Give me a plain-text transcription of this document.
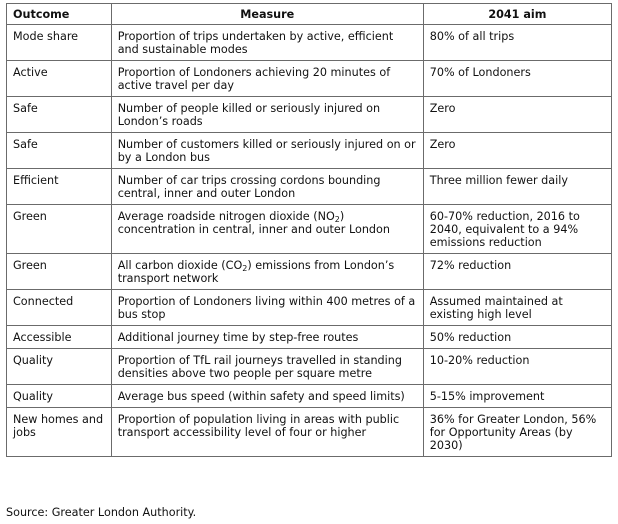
Outcome	Measure	2041 aim
Mode share	Proportion of trips undertaken by active, efficient and sustainable modes	80% of all trips
Active	Proportion of Londoners achieving 20 minutes of active travel per day	70% of Londoners
Safe	Number of people killed or seriously injured on London’s roads	Zero
Safe	Number of customers killed or seriously injured on or by a London bus	Zero
Efficient	Number of car trips crossing cordons bounding central, inner and outer London	Three million fewer daily
Green	Average roadside nitrogen dioxide $(NO_2)$ concentration in central, inner and outer London	60-70% reduction, 2016 to 2040, equivalent to a 94% emissions reduction
Green	All carbon dioxide $(CO_2)$ emissions from London’s transport network	72% reduction
Connected	Proportion of Londoners living within 400 metres of a bus stop	Assumed maintained at existing high level
Accessible	Additional journey time by step-free routes	50% reduction
Quality	Proportion of TfL rail journeys travelled in standing densities above two people per square metre	10-20% reduction
Quality	Average bus speed (within safety and speed limits)	5-15% improvement
New homes and jobs	Proportion of population living in areas with public transport accessibility level of four or higher	36% for Greater London, 56% for Opportunity Areas (by 2030)
Source: Greater London Authority.
